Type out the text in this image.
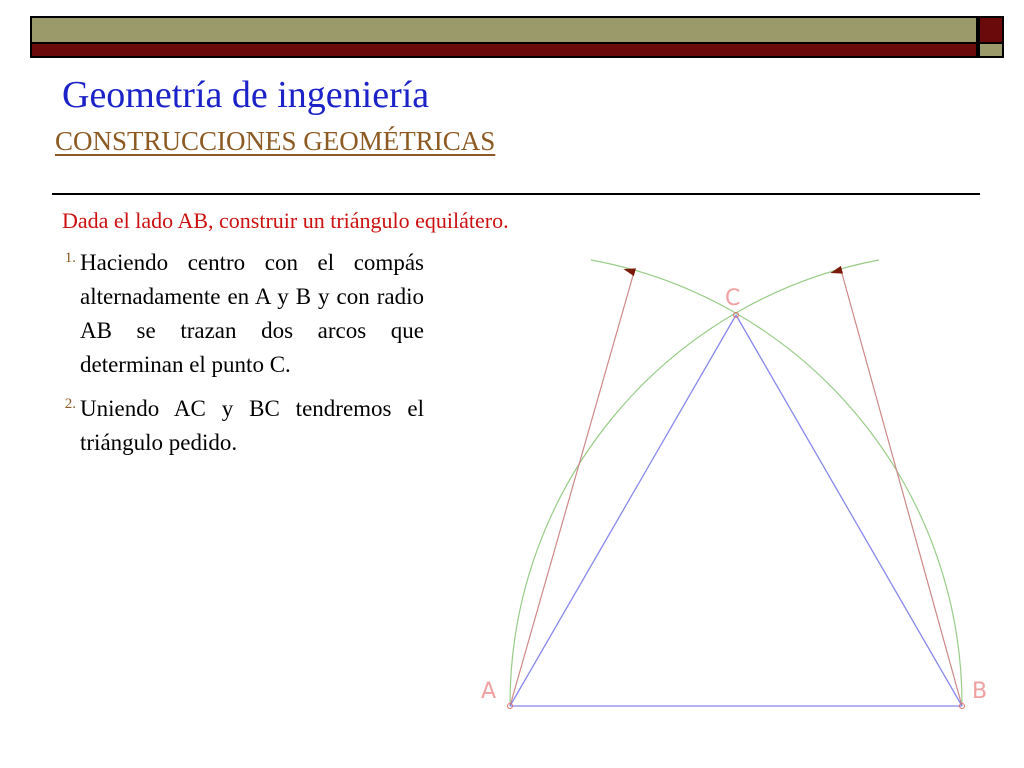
Geometría de ingeniería
CONSTRUCCIONES GEOMÉTRICAS
Dada el lado AB, construir un triángulo equilátero.
1. Haciendo centro con el compás alternadamente en A y B y con radio AB se trazan dos arcos que determinan el punto C.
2. Uniendo AC y BC tendremos el triángulo pedido.
A	B
C
